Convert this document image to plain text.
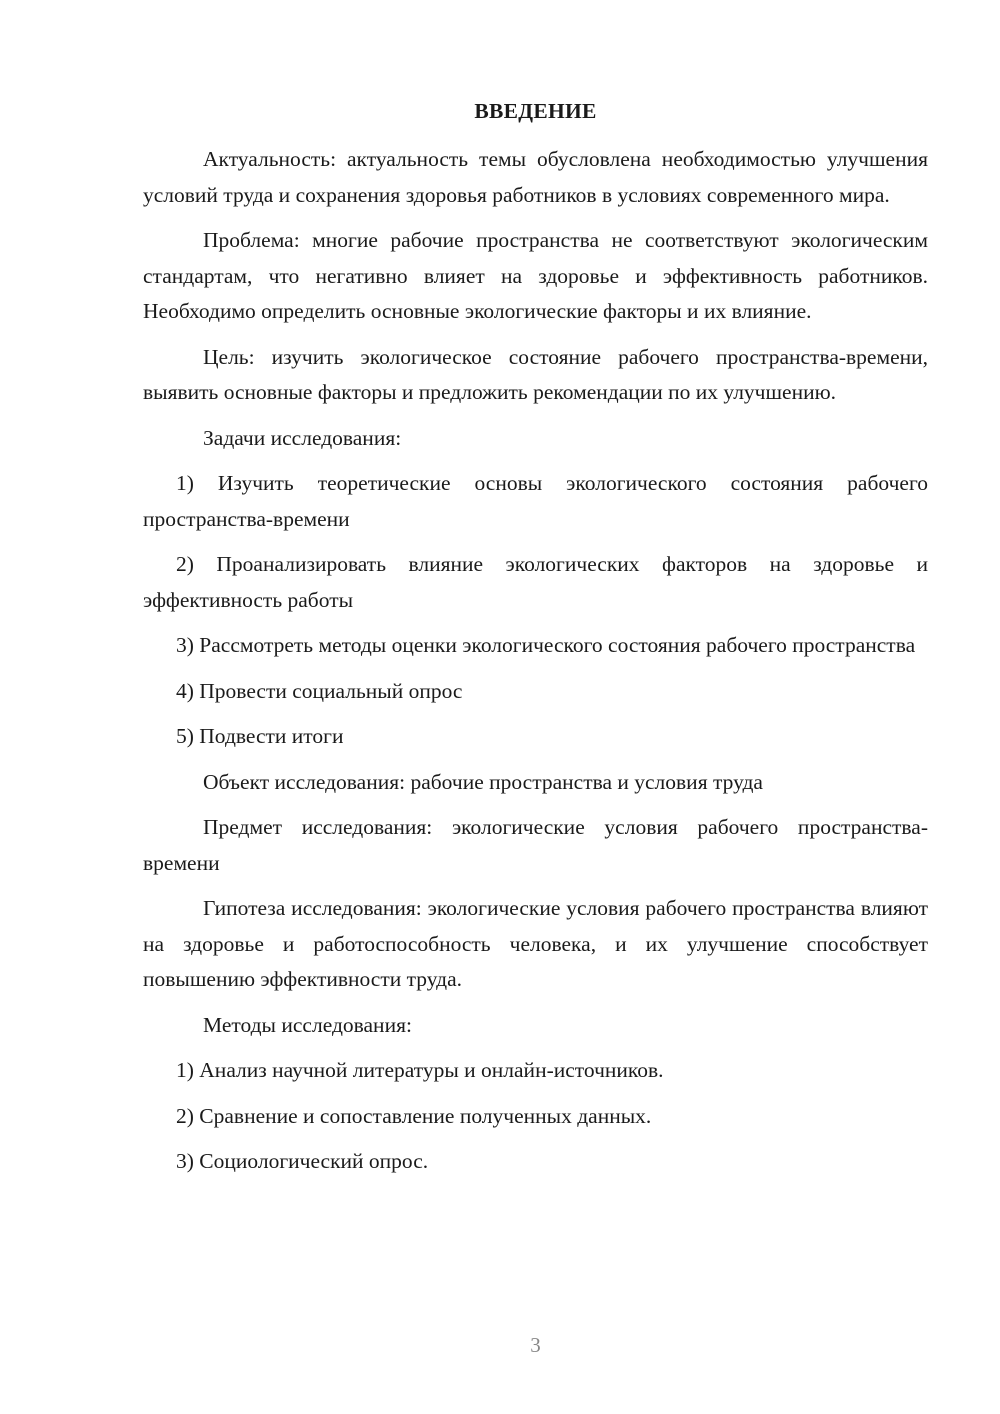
ВВЕДЕНИЕ

Актуальность: актуальность темы обусловлена необходимостью улучшения условий труда и сохранения здоровья работников в условиях современного мира.

Проблема: многие рабочие пространства не соответствуют экологическим стандартам, что негативно влияет на здоровье и эффективность работников. Необходимо определить основные экологические факторы и их влияние.

Цель: изучить экологическое состояние рабочего пространства-времени, выявить основные факторы и предложить рекомендации по их улучшению.

Задачи исследования:

1) Изучить теоретические основы экологического состояния рабочего пространства-времени

2) Проанализировать влияние экологических факторов на здоровье и эффективность работы

3) Рассмотреть методы оценки экологического состояния рабочего пространства

4) Провести социальный опрос

5) Подвести итоги

Объект исследования: рабочие пространства и условия труда

Предмет исследования: экологические условия рабочего пространства-времени

Гипотеза исследования: экологические условия рабочего пространства влияют на здоровье и работоспособность человека, и их улучшение способствует повышению эффективности труда.

Методы исследования:

1) Анализ научной литературы и онлайн-источников.

2) Сравнение и сопоставление полученных данных.

3) Социологический опрос.

3
